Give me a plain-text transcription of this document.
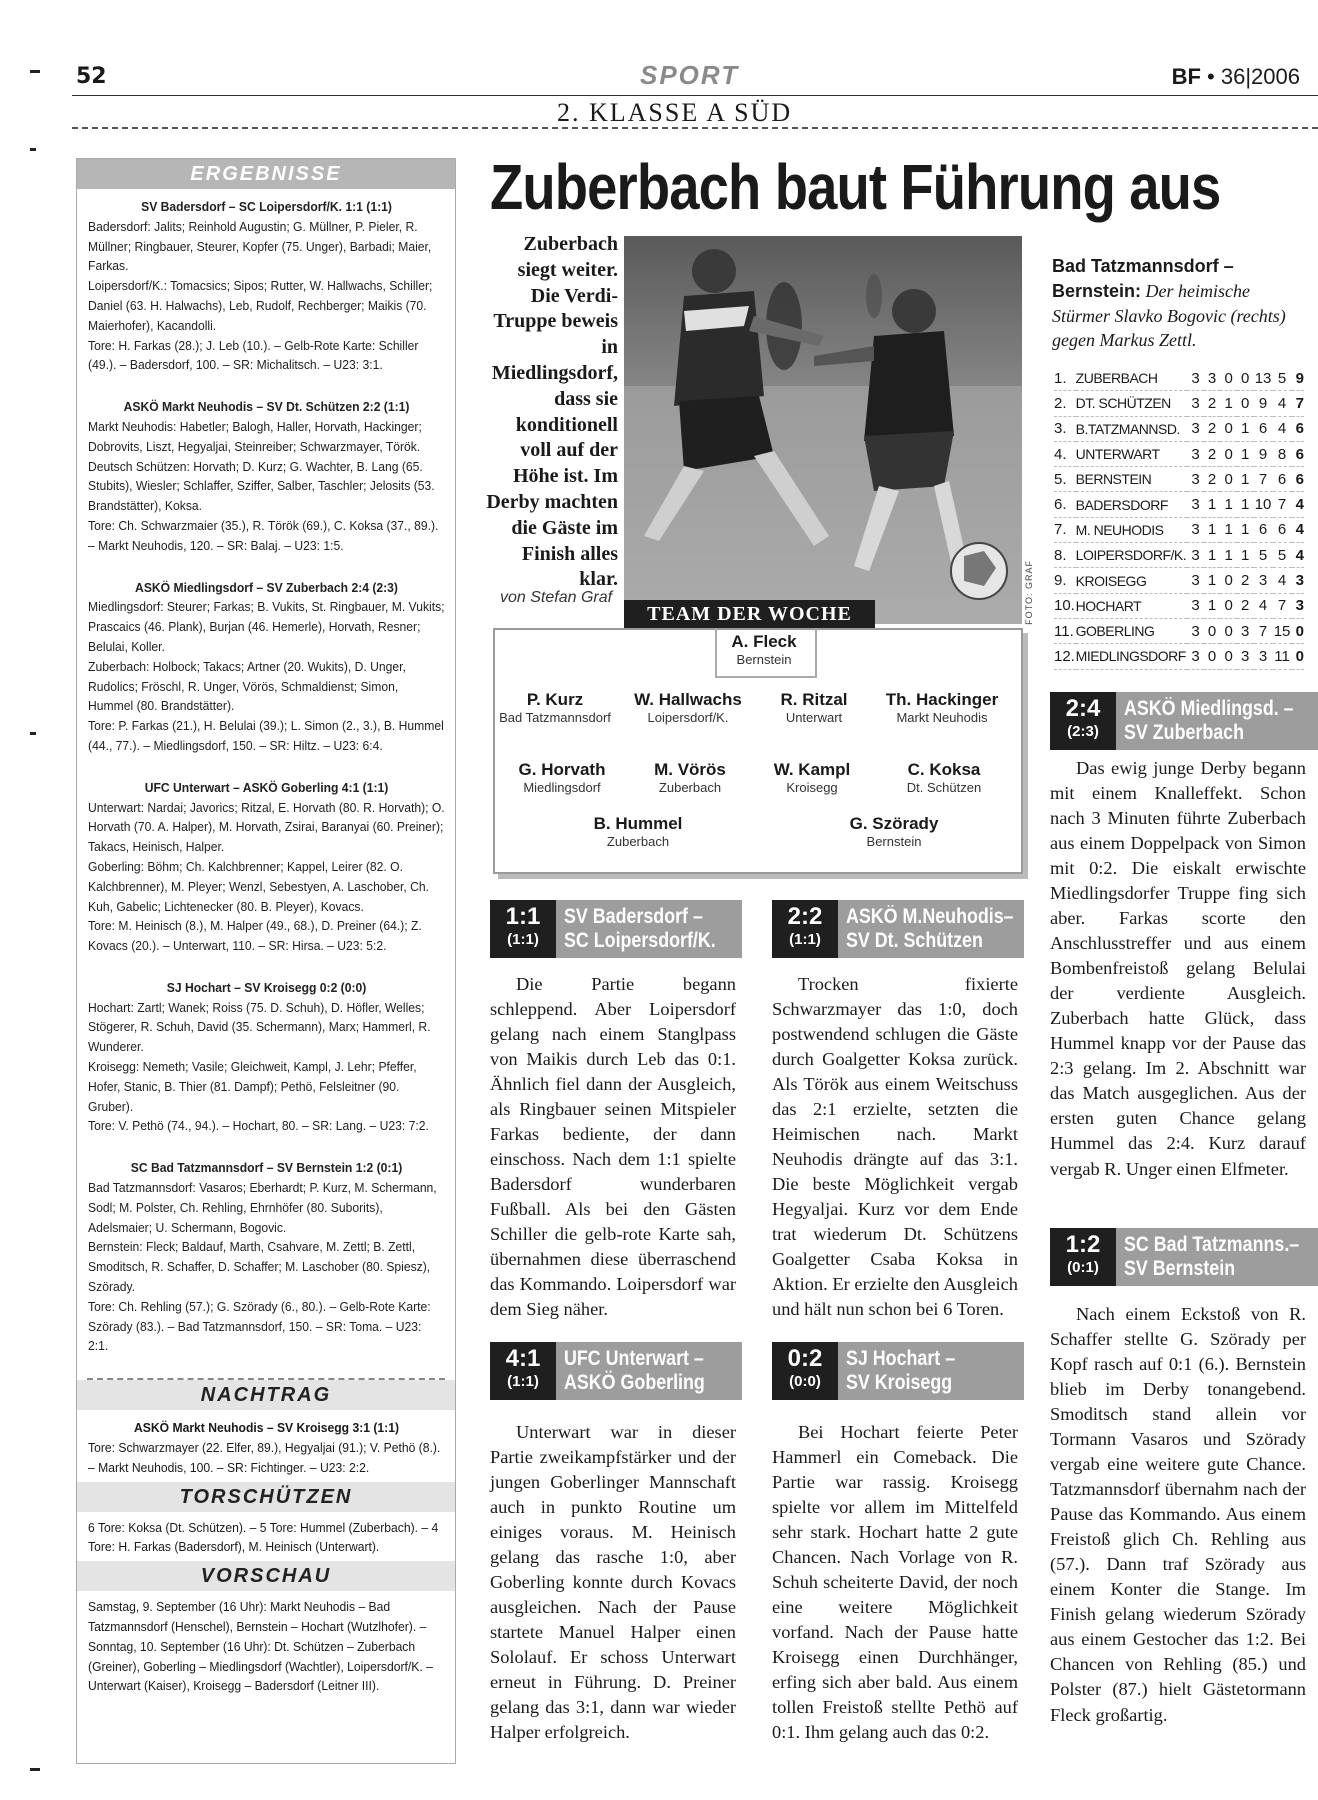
52	SPORT	BF • 36|2006
2. KLASSE A SÜD
ERGEBNISSE
SV Badersdorf – SC Loipersdorf/K. 1:1 (1:1)
Badersdorf: Jalits; Reinhold Augustin; G. Müllner, P. Pieler, R. Müllner; Ringbauer, Steurer, Kopfer (75. Unger), Barbadi; Maier, Farkas.
Loipersdorf/K.: Tomacsics; Sipos; Rutter, W. Hallwachs, Schiller; Daniel (63. H. Halwachs), Leb, Rudolf, Rechberger; Maikis (70. Maierhofer), Kacandolli.
Tore: H. Farkas (28.); J. Leb (10.). – Gelb-Rote Karte: Schiller (49.). – Badersdorf, 100. – SR: Michalitsch. – U23: 3:1.
ASKÖ Markt Neuhodis – SV Dt. Schützen 2:2 (1:1)
Markt Neuhodis: Habetler; Balogh, Haller, Horvath, Hackinger; Dobrovits, Liszt, Hegyaljai, Steinreiber; Schwarzmayer, Török.
Deutsch Schützen: Horvath; D. Kurz; G. Wachter, B. Lang (65. Stubits), Wiesler; Schlaffer, Sziffer, Salber, Taschler; Jelosits (53. Brandstätter), Koksa.
Tore: Ch. Schwarzmaier (35.), R. Török (69.), C. Koksa (37., 89.). – Markt Neuhodis, 120. – SR: Balaj. – U23: 1:5.
ASKÖ Miedlingsdorf – SV Zuberbach 2:4 (2:3)
Miedlingsdorf: Steurer; Farkas; B. Vukits, St. Ringbauer, M. Vukits; Prascaics (46. Plank), Burjan (46. Hemerle), Horvath, Resner; Belulai, Koller.
Zuberbach: Holbock; Takacs; Artner (20. Wukits), D. Unger, Rudolics; Fröschl, R. Unger, Vörös, Schmaldienst; Simon, Hummel (80. Brandstätter).
Tore: P. Farkas (21.), H. Belulai (39.); L. Simon (2., 3.), B. Hummel (44., 77.). – Miedlingsdorf, 150. – SR: Hiltz. – U23: 6:4.
UFC Unterwart – ASKÖ Goberling 4:1 (1:1)
Unterwart: Nardai; Javorics; Ritzal, E. Horvath (80. R. Horvath); O. Horvath (70. A. Halper), M. Horvath, Zsirai, Baranyai (60. Preiner); Takacs, Heinisch, Halper.
Goberling: Böhm; Ch. Kalchbrenner; Kappel, Leirer (82. O. Kalchbrenner), M. Pleyer; Wenzl, Sebestyen, A. Laschober, Ch. Kuh, Gabelic; Lichtenecker (80. B. Pleyer), Kovacs.
Tore: M. Heinisch (8.), M. Halper (49., 68.), D. Preiner (64.); Z. Kovacs (20.). – Unterwart, 110. – SR: Hirsa. – U23: 5:2.
SJ Hochart – SV Kroisegg 0:2 (0:0)
Hochart: Zartl; Wanek; Roiss (75. D. Schuh), D. Höfler, Welles; Stögerer, R. Schuh, David (35. Schermann), Marx; Hammerl, R. Wunderer.
Kroisegg: Nemeth; Vasile; Gleichweit, Kampl, J. Lehr; Pfeffer, Hofer, Stanic, B. Thier (81. Dampf); Pethö, Felsleitner (90. Gruber).
Tore: V. Pethö (74., 94.). – Hochart, 80. – SR: Lang. – U23: 7:2.
SC Bad Tatzmannsdorf – SV Bernstein 1:2 (0:1)
Bad Tatzmannsdorf: Vasaros; Eberhardt; P. Kurz, M. Schermann, Sodl; M. Polster, Ch. Rehling, Ehrnhöfer (80. Suborits), Adelsmaier; U. Schermann, Bogovic.
Bernstein: Fleck; Baldauf, Marth, Csahvare, M. Zettl; B. Zettl, Smoditsch, R. Schaffer, D. Schaffer; M. Laschober (80. Spiesz), Szörady.
Tore: Ch. Rehling (57.); G. Szörady (6., 80.). – Gelb-Rote Karte: Szörady (83.). – Bad Tatzmannsdorf, 150. – SR: Toma. – U23: 2:1.
NACHTRAG
ASKÖ Markt Neuhodis – SV Kroisegg 3:1 (1:1)
Tore: Schwarzmayer (22. Elfer, 89.), Hegyaljai (91.); V. Pethö (8.). – Markt Neuhodis, 100. – SR: Fichtinger. – U23: 2:2.
TORSCHÜTZEN
6 Tore: Koksa (Dt. Schützen). – 5 Tore: Hummel (Zuberbach). – 4 Tore: H. Farkas (Badersdorf), M. Heinisch (Unterwart).
VORSCHAU
Samstag, 9. September (16 Uhr): Markt Neuhodis – Bad Tatzmannsdorf (Henschel), Bernstein – Hochart (Wutzlhofer). – Sonntag, 10. September (16 Uhr): Dt. Schützen – Zuberbach (Greiner), Goberling – Miedlingsdorf (Wachtler), Loipersdorf/K. – Unterwart (Kaiser), Kroisegg – Badersdorf (Leitner III).
Zuberbach baut Führung aus
Zuberbach siegt weiter. Die Verdi-Truppe beweis in Miedlingsdorf, dass sie konditionell voll auf der Höhe ist. Im Derby machten die Gäste im Finish alles klar.
von Stefan Graf	FOTO: GRAF
Bad Tatzmannsdorf – Bernstein: Der heimische Stürmer Slavko Bogovic (rechts) gegen Markus Zettl.
1.	ZUBERBACH	3	3	0	0	13	5	9
2.	DT. SCHÜTZEN	3	2	1	0	9	4	7
3.	B.TATZMANNSD.	3	2	0	1	6	4	6
4.	UNTERWART	3	2	0	1	9	8	6
5.	BERNSTEIN	3	2	0	1	7	6	6
6.	BADERSDORF	3	1	1	1	10	7	4
7.	M. NEUHODIS	3	1	1	1	6	6	4
8.	LOIPERSDORF/K.	3	1	1	1	5	5	4
9.	KROISEGG	3	1	0	2	3	4	3
10.	HOCHART	3	1	0	2	4	7	3
11.	GOBERLING	3	0	0	3	7	15	0
12.	MIEDLINGSDORF	3	0	0	3	3	11	0
TEAM DER WOCHE
A. Fleck
Bernstein
P. Kurz
Bad Tatzmannsdorf
W. Hallwachs
Loipersdorf/K.
R. Ritzal
Unterwart
Th. Hackinger
Markt Neuhodis
G. Horvath
Miedlingsdorf
M. Vörös
Zuberbach
W. Kampl
Kroisegg
C. Koksa
Dt. Schützen
B. Hummel
Zuberbach
G. Szörady
Bernstein
1:1
(1:1)
SV Badersdorf –
SC Loipersdorf/K.

Die Partie begann schleppend. Aber Loipersdorf gelang nach einem Stanglpass von Maikis durch Leb das 0:1. Ähnlich fiel dann der Ausgleich, als Ringbauer seinen Mitspieler Farkas bediente, der dann einschoss. Nach dem 1:1 spielte Badersdorf wunderbaren Fußball. Als bei den Gästen Schiller die gelb-rote Karte sah, übernahmen diese überraschend das Kommando. Loipersdorf war dem Sieg näher.

2:2
(1:1)
ASKÖ M.Neuhodis–
SV Dt. Schützen

Trocken fixierte Schwarzmayer das 1:0, doch postwendend schlugen die Gäste durch Goalgetter Koksa zurück. Als Török aus einem Weitschuss das 2:1 erzielte, setzten die Heimischen nach. Markt Neuhodis drängte auf das 3:1. Die beste Möglichkeit vergab Hegyaljai. Kurz vor dem Ende trat wiederum Dt. Schützens Goalgetter Csaba Koksa in Aktion. Er erzielte den Ausgleich und hält nun schon bei 6 Toren.

4:1
(1:1)
UFC Unterwart –
ASKÖ Goberling

Unterwart war in dieser Partie zweikampfstärker und der jungen Goberlinger Mannschaft auch in punkto Routine um einiges voraus. M. Heinisch gelang das rasche 1:0, aber Goberling konnte durch Kovacs ausgleichen. Nach der Pause startete Manuel Halper einen Sololauf. Er schoss Unterwart erneut in Führung. D. Preiner gelang das 3:1, dann war wieder Halper erfolgreich.

0:2
(0:0)
SJ Hochart –
SV Kroisegg

Bei Hochart feierte Peter Hammerl ein Comeback. Die Partie war rassig. Kroisegg spielte vor allem im Mittelfeld sehr stark. Hochart hatte 2 gute Chancen. Nach Vorlage von R. Schuh scheiterte David, der noch eine weitere Möglichkeit vorfand. Nach der Pause hatte Kroisegg einen Durchhänger, erfing sich aber bald. Aus einem tollen Freistoß stellte Pethö auf 0:1. Ihm gelang auch das 0:2.

2:4
(2:3)
ASKÖ Miedlingsd. –
SV Zuberbach

Das ewig junge Derby begann mit einem Knalleffekt. Schon nach 3 Minuten führte Zuberbach aus einem Doppelpack von Simon mit 0:2. Die eiskalt erwischte Miedlingsdorfer Truppe fing sich aber. Farkas scorte den Anschlusstreffer und aus einem Bombenfreistoß gelang Belulai der verdiente Ausgleich. Zuberbach hatte Glück, dass Hummel knapp vor der Pause das 2:3 gelang. Im 2. Abschnitt war das Match ausgeglichen. Aus der ersten guten Chance gelang Hummel das 2:4. Kurz darauf vergab R. Unger einen Elfmeter.

1:2
(0:1)
SC Bad Tatzmanns.–
SV Bernstein

Nach einem Eckstoß von R. Schaffer stellte G. Szörady per Kopf rasch auf 0:1 (6.). Bernstein blieb im Derby tonangebend. Smoditsch stand allein vor Tormann Vasaros und Szörady vergab eine weitere gute Chance. Tatzmannsdorf übernahm nach der Pause das Kommando. Aus einem Freistoß glich Ch. Rehling aus (57.). Dann traf Szörady aus einem Konter die Stange. Im Finish gelang wiederum Szörady aus einem Gestocher das 1:2. Bei Chancen von Rehling (85.) und Polster (87.) hielt Gästetormann Fleck großartig.
